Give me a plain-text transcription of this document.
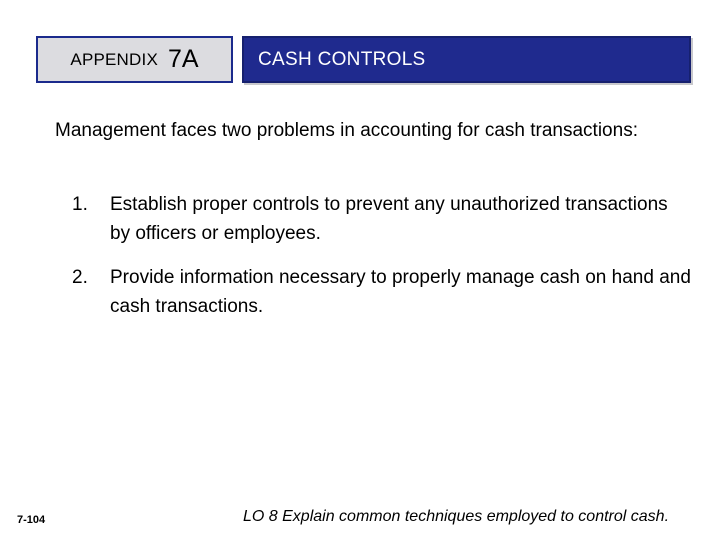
APPENDIX 7A	CASH CONTROLS
Management faces two problems in accounting for cash transactions:
1.	Establish proper controls to prevent any unauthorized transactions by officers or employees.
2.	Provide information necessary to properly manage cash on hand and cash transactions.
7-104	LO 8 Explain common techniques employed to control cash.
